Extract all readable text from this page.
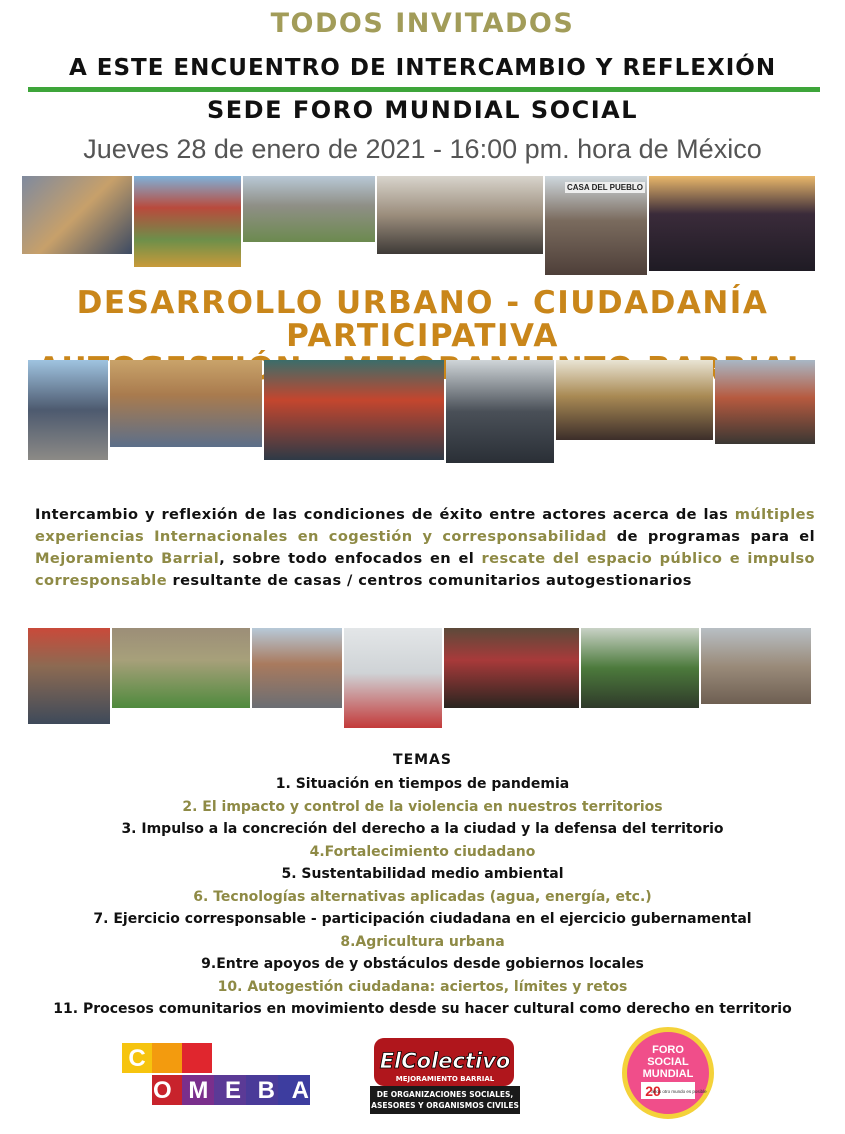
TODOS INVITADOS
A ESTE ENCUENTRO DE INTERCAMBIO Y REFLEXIÓN
SEDE FORO MUNDIAL SOCIAL
Jueves 28 de enero de 2021 - 16:00 pm. hora de México
CASA DEL PUEBLO
DESARROLLO URBANO - CIUDADANÍA PARTICIPATIVA
Intercambio y reflexión de las condiciones de éxito entre actores acerca de las múltiples experiencias Internacionales en cogestión y corresponsabilidad de programas para el Mejoramiento Barrial, sobre todo enfocados en el rescate del espacio público e impulso corresponsable resultante de casas / centros comunitarios autogestionarios
TEMAS
1. Situación en tiempos de pandemia
2. El impacto y control de la violencia en nuestros territorios
3. Impulso a la concreción del derecho a la ciudad y la defensa del territorio
4.Fortalecimiento ciudadano
5. Sustentabilidad medio ambiental
6. Tecnologías alternativas aplicadas (agua, energía, etc.)
7. Ejercicio corresponsable - participación ciudadana en el ejercicio gubernamental
8.Agricultura urbana
9.Entre apoyos de y obstáculos desde gobiernos locales
10. Autogestión ciudadana: aciertos, límites y retos
11. Procesos comunitarios en movimiento desde su hacer cultural como derecho en territorio
C
OMEBA
ElColectivo
MEJORAMIENTO BARRIAL
DE ORGANIZACIONES SOCIALES,
ASESORES Y ORGANISMOS CIVILES
FORO
SOCIAL
MUNDIAL
20
años otro mundo es posible
